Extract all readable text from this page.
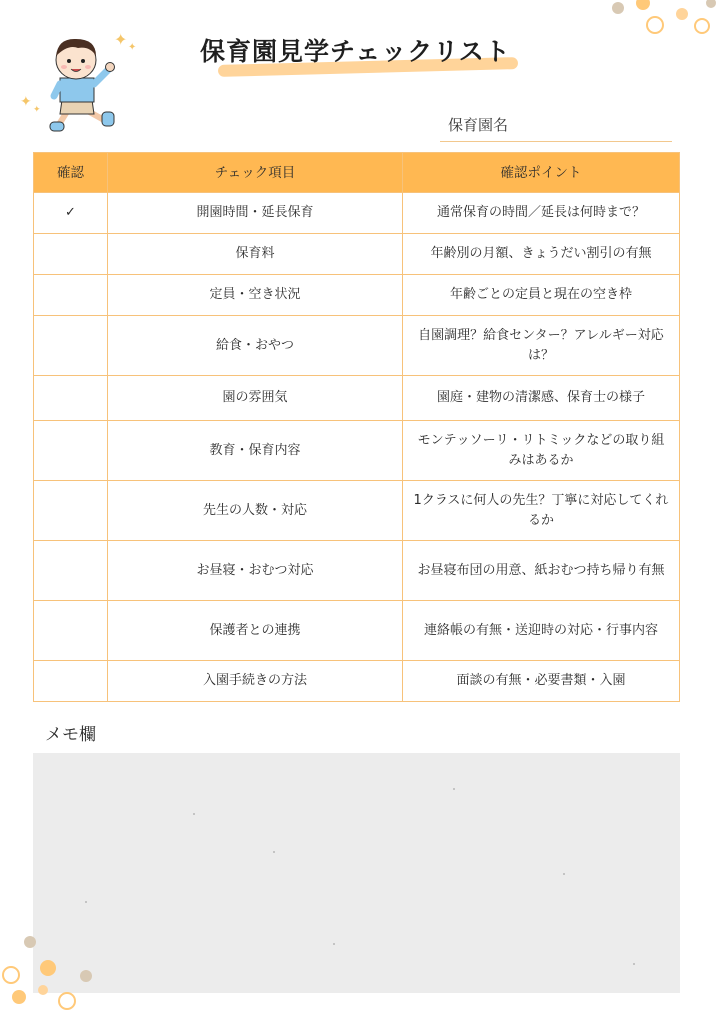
✦ ✦
✦ ✦
保育園見学チェックリスト
保育園名
確認	チェック項目	確認ポイント
✓	開園時間・延長保育	通常保育の時間／延長は何時まで？
	保育料	年齢別の月額、きょうだい割引の有無
	定員・空き状況	年齢ごとの定員と現在の空き枠
	給食・おやつ	自園調理？給食センター？アレルギー対応は？
	園の雰囲気	園庭・建物の清潔感、保育士の様子
	教育・保育内容	モンテッソーリ・リトミックなどの取り組みはあるか
	先生の人数・対応	1クラスに何人の先生？丁寧に対応してくれるか
	お昼寝・おむつ対応	お昼寝布団の用意、紙おむつ持ち帰り有無
	保護者との連携	連絡帳の有無・送迎時の対応・行事内容
	入園手続きの方法	面談の有無・必要書類・入園
メモ欄
